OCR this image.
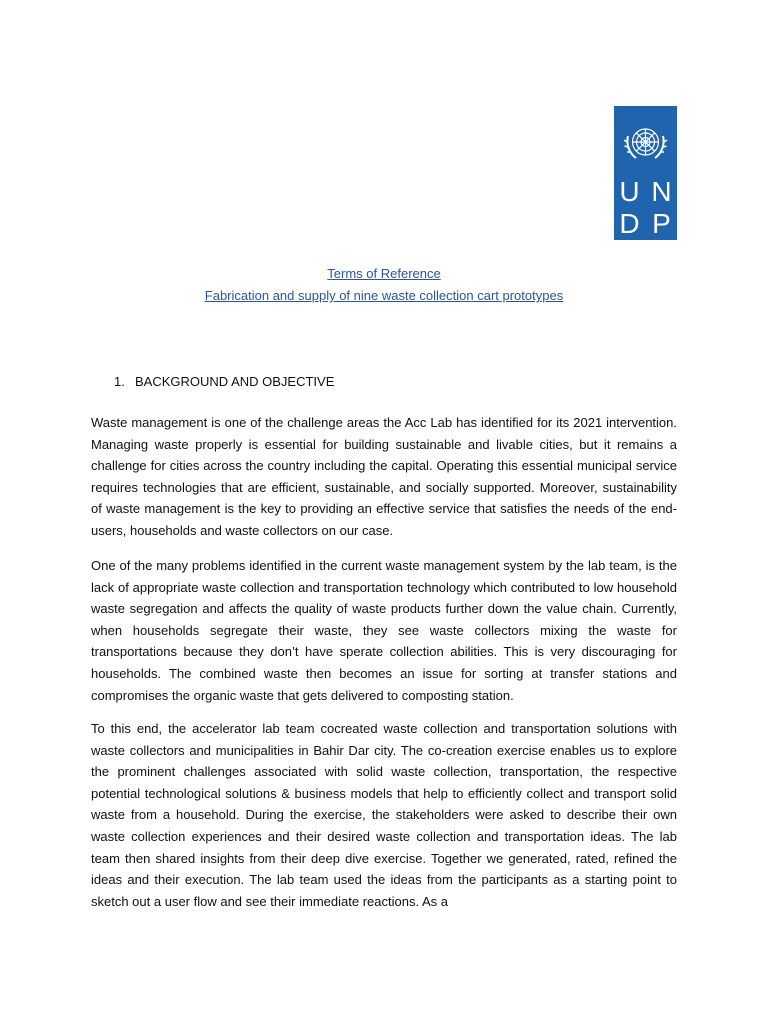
U N
D P
Terms of Reference
Fabrication and supply of nine waste collection cart prototypes
1. BACKGROUND AND OBJECTIVE

Waste management is one of the challenge areas the Acc Lab has identified for its 2021 intervention. Managing waste properly is essential for building sustainable and livable cities, but it remains a challenge for cities across the country including the capital. Operating this essential municipal service requires technologies that are efficient, sustainable, and socially supported. Moreover, sustainability of waste management is the key to providing an effective service that satisfies the needs of the end-users, households and waste collectors on our case.

One of the many problems identified in the current waste management system by the lab team, is the lack of appropriate waste collection and transportation technology which contributed to low household waste segregation and affects the quality of waste products further down the value chain. Currently, when households segregate their waste, they see waste collectors mixing the waste for transportations because they don’t have sperate collection abilities. This is very discouraging for households. The combined waste then becomes an issue for sorting at transfer stations and compromises the organic waste that gets delivered to composting station.

To this end, the accelerator lab team cocreated waste collection and transportation solutions with waste collectors and municipalities in Bahir Dar city. The co-creation exercise enables us to explore the prominent challenges associated with solid waste collection, transportation, the respective potential technological solutions & business models that help to efficiently collect and transport solid waste from a household. During the exercise, the stakeholders were asked to describe their own waste collection experiences and their desired waste collection and transportation ideas. The lab team then shared insights from their deep dive exercise. Together we generated, rated, refined the ideas and their execution. The lab team used the ideas from the participants as a starting point to sketch out a user flow and see their immediate reactions. As a
